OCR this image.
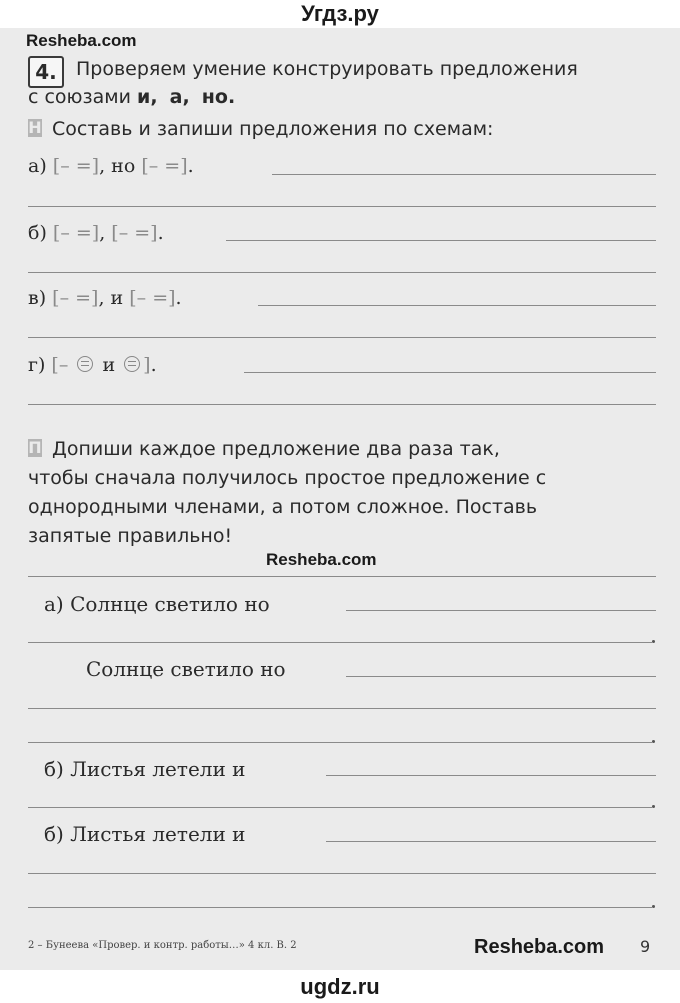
Угдз.ру
Resheba.com
4.	Проверяем умение конструировать предложения
с союзами и, а, но.
Н Составь и запиши предложения по схемам:
а) [– =], но [– =].
б) [– =], [– =].
в) [– =], и [– =].
г) [– и ].
П Допиши каждое предложение два раза так,
чтобы сначала получилось простое предложение с
однородными членами, а потом сложное. Поставь
запятые правильно!
Resheba.com
а) Солнце светило но
Солнце светило но
б) Листья летели и
б) Листья летели и
2 – Бунеева «Провер. и контр. работы…» 4 кл. В. 2	Resheba.com 9
ugdz.ru
